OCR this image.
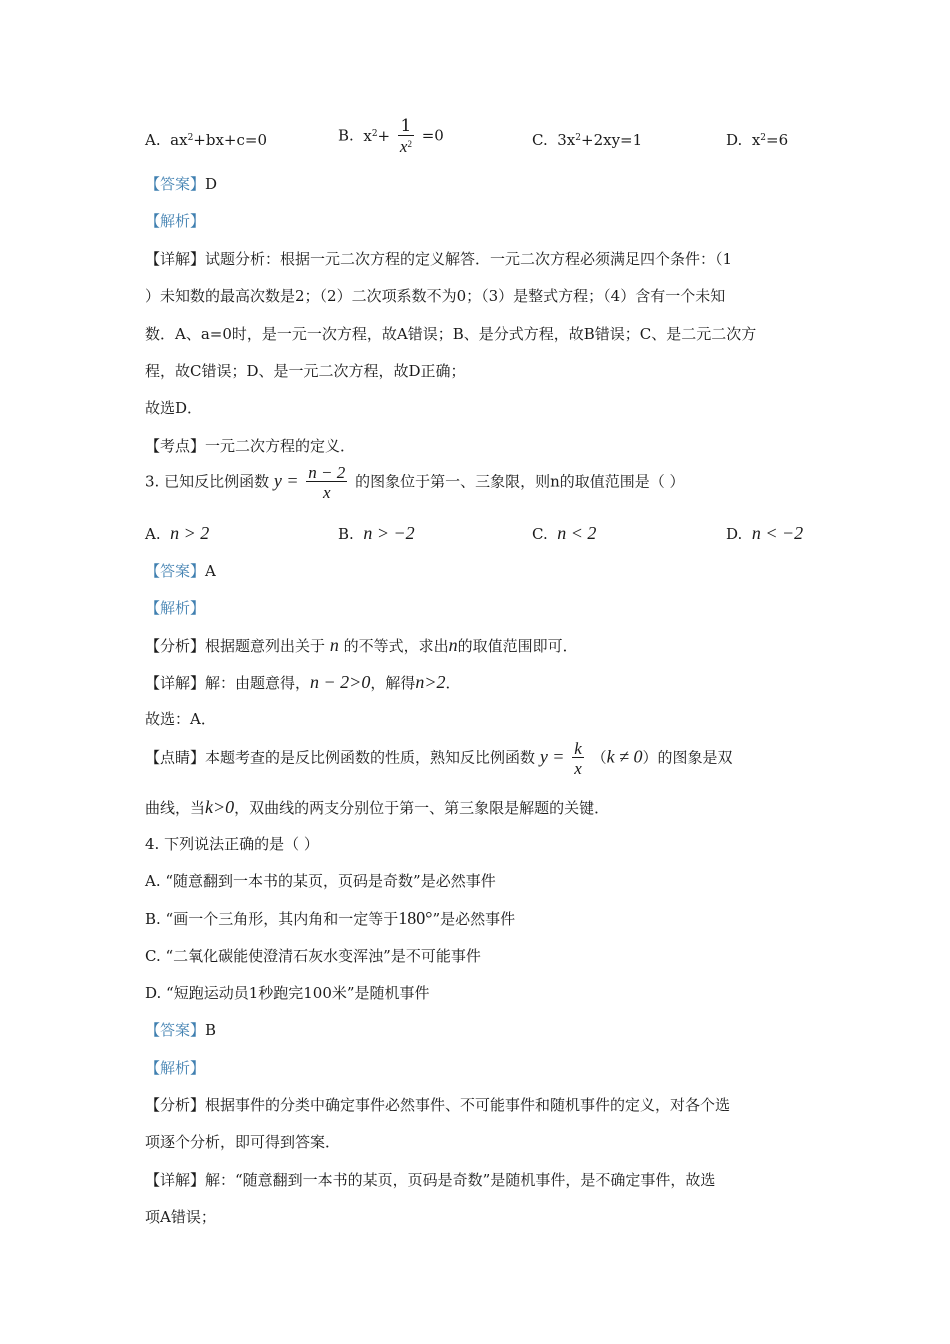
A. $ax^2+bx+c=0$	B. $x^2+ \frac{1}{x^2} =0$	C. $3x^2+2xy=1$	D. $x^2=6$
【答案】D
【解析】
【详解】试题分析：根据一元二次方程的定义解答．一元二次方程必须满足四个条件：（1
）未知数的最高次数是2；（2）二次项系数不为0；（3）是整式方程；（4）含有一个未知
数．A、a=0时，是一元一次方程，故A错误；B、是分式方程，故B错误；C、是二元二次方
程，故C错误；D、是一元二次方程，故D正确；
故选D．
【考点】一元二次方程的定义．
3. 已知反比例函数 $y = \frac{n - 2}{x}$ 的图象位于第一、三象限，则n的取值范围是（ ）
A. n > 2	B. n > −2	C. n < 2	D. n < −2
【答案】A
【解析】
【分析】根据题意列出关于 n 的不等式，求出n的取值范围即可．
【详解】解：由题意得，n − 2>0，解得n>2．
故选：A．
【点睛】本题考查的是反比例函数的性质，熟知反比例函数 $y = \frac{k}{x} (k \ne 0)$的图象是双
曲线，当k>0，双曲线的两支分别位于第一、第三象限是解题的关键．
4. 下列说法正确的是（ ）
A. “随意翻到一本书的某页，页码是奇数”是必然事件
B. “画一个三角形，其内角和一定等于180°”是必然事件
C. “二氧化碳能使澄清石灰水变浑浊”是不可能事件
D. “短跑运动员1秒跑完100米”是随机事件
【答案】B
【解析】
【分析】根据事件的分类中确定事件必然事件、不可能事件和随机事件的定义，对各个选
项逐个分析，即可得到答案．
【详解】解：“随意翻到一本书的某页，页码是奇数”是随机事件，是不确定事件，故选
项A错误；
